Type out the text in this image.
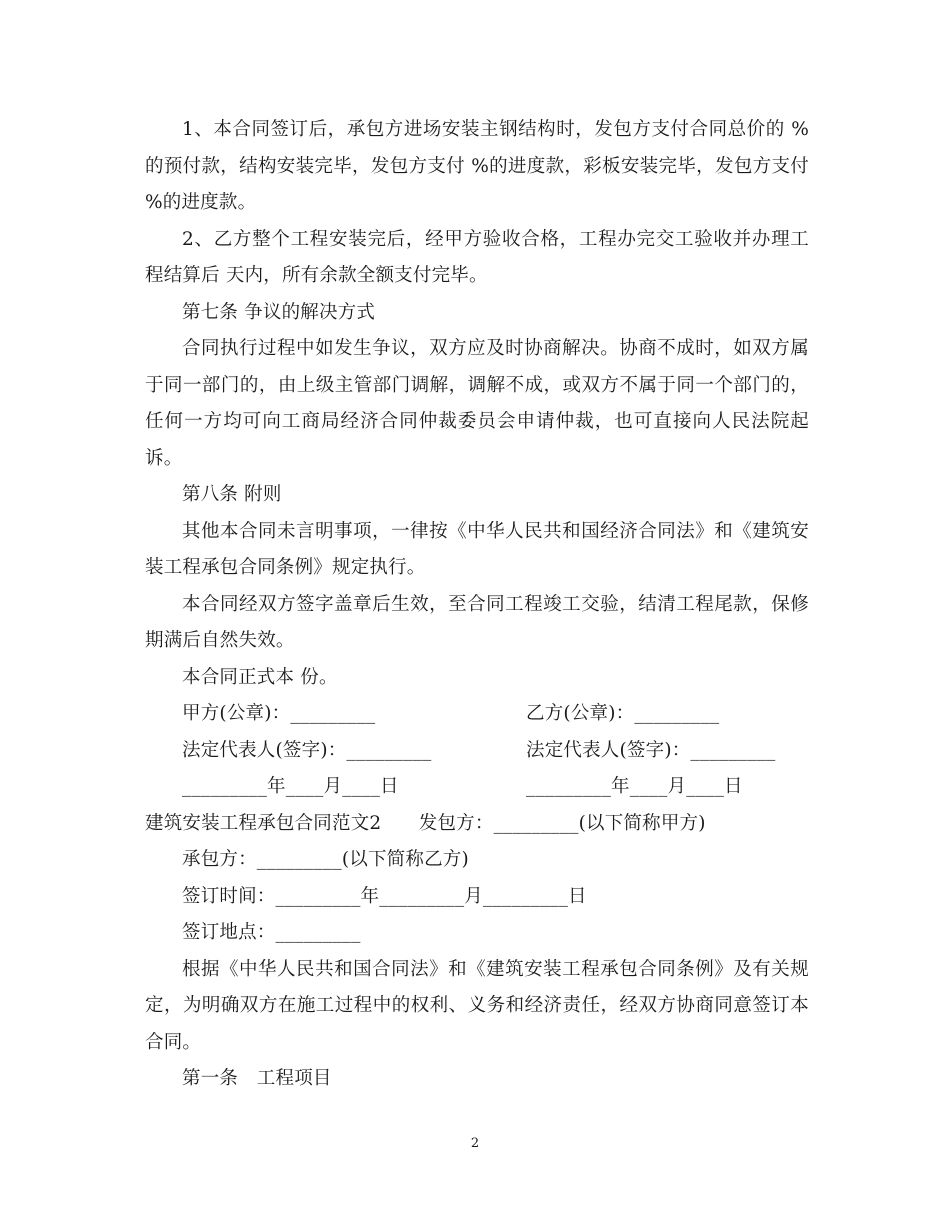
1、本合同签订后，承包方进场安装主钢结构时，发包方支付合同总价的 %的预付款，结构安装完毕，发包方支付 %的进度款，彩板安装完毕，发包方支付 %的进度款。

2、乙方整个工程安装完后，经甲方验收合格，工程办完交工验收并办理工程结算后 天内，所有余款全额支付完毕。

第七条 争议的解决方式

合同执行过程中如发生争议，双方应及时协商解决。协商不成时，如双方属于同一部门的，由上级主管部门调解，调解不成，或双方不属于同一个部门的，任何一方均可向工商局经济合同仲裁委员会申请仲裁，也可直接向人民法院起诉。

第八条 附则

其他本合同未言明事项，一律按《中华人民共和国经济合同法》和《建筑安装工程承包合同条例》规定执行。

本合同经双方签字盖章后生效，至合同工程竣工交验，结清工程尾款，保修期满后自然失效。

本合同正式本 份。

甲方(公章)：_________	乙方(公章)：_________
法定代表人(签字)：_________	法定代表人(签字)：_________
_________年____月____日	_________年____月____日

建筑安装工程承包合同范文2　　发包方：_________(以下简称甲方)

承包方：_________(以下简称乙方)

签订时间：_________年_________月_________日

签订地点：_________

根据《中华人民共和国合同法》和《建筑安装工程承包合同条例》及有关规定，为明确双方在施工过程中的权利、义务和经济责任，经双方协商同意签订本合同。

第一条　工程项目

2
